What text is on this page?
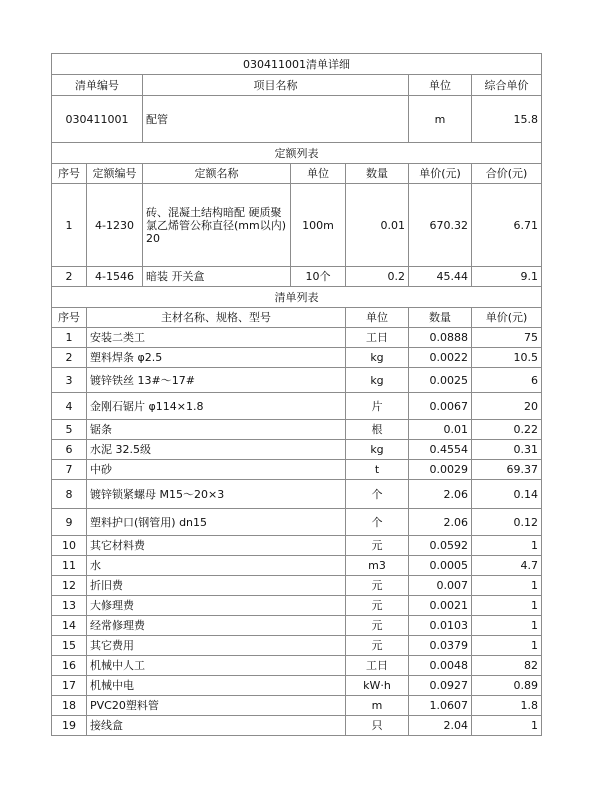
030411001清单详细							
清单编号		项目名称			单位	综合单价	
030411001		配管			m	15.8	
定额列表							
序号	定额编号	定额名称	单位	数量	单价(元)	合价(元)	
1	4-1230	砖、混凝土结构暗配 硬质聚氯乙烯管公称直径(mm以内) 20	100m	0.01	670.32	6.71	
2	4-1546	暗装 开关盒	10个	0.2	45.44	9.1	
清单列表							
序号	主材名称、规格、型号			单位	数量	单价(元)	
1	安装二类工			工日	0.0888	75	
2	塑料焊条 φ2.5			kg	0.0022	10.5	
3	镀锌铁丝 13#～17#			kg	0.0025	6	
4	金刚石锯片 φ114×1.8			片	0.0067	20	
5	锯条			根	0.01	0.22	
6	水泥 32.5级			kg	0.4554	0.31	
7	中砂			t	0.0029	69.37	
8	镀锌锁紧螺母 M15～20×3			个	2.06	0.14	
9	塑料护口(钢管用) dn15			个	2.06	0.12	
10	其它材料费			元	0.0592	1	
11	水			m3	0.0005	4.7	
12	折旧费			元	0.007	1	
13	大修理费			元	0.0021	1	
14	经常修理费			元	0.0103	1	
15	其它费用			元	0.0379	1	
16	机械中人工			工日	0.0048	82	
17	机械中电			kW·h	0.0927	0.89	
18	PVC20塑料管			m	1.0607	1.8	
19	接线盒			只	2.04	1	
